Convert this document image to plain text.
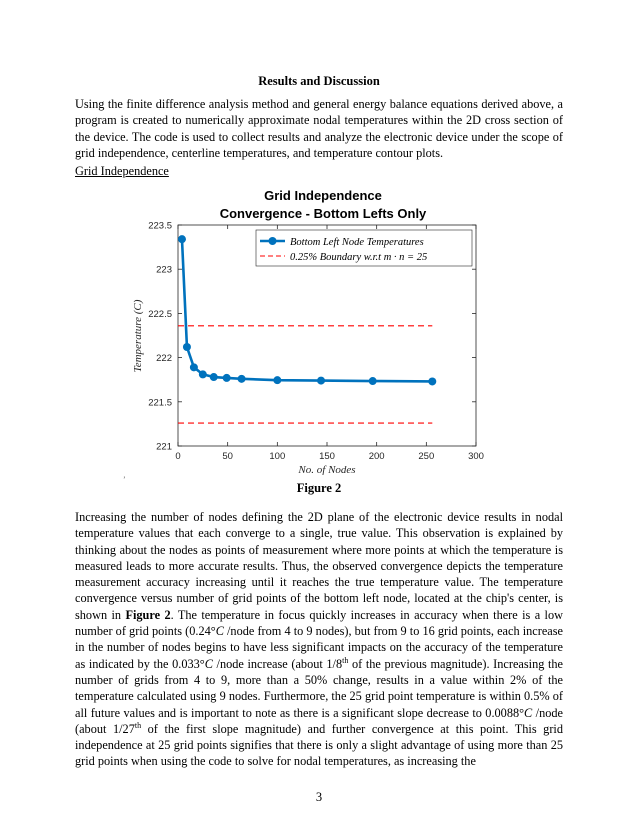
Results and Discussion

Using the finite difference analysis method and general energy balance equations derived above, a program is created to numerically approximate nodal temperatures within the 2D cross section of the device. The code is used to collect results and analyze the electronic device under the scope of grid independence, centerline temperatures, and temperature contour plots.

Grid Independence
Grid Independence
Convergence - Bottom Lefts Only
221
221.5
222
222.5
223
223.5
0	50	100	150	200	250	300
No. of Nodes
Temperature (C)
Bottom Left Node Temperatures
0.25% Boundary w.r.t m · n = 25
ʼ
Figure 2

Increasing the number of nodes defining the 2D plane of the electronic device results in nodal temperature values that each converge to a single, true value. This observation is explained by thinking about the nodes as points of measurement where more points at which the temperature is measured leads to more accurate results. Thus, the observed convergence depicts the temperature measurement accuracy increasing until it reaches the true temperature value. The temperature convergence versus number of grid points of the bottom left node, located at the chip's center, is shown in Figure 2. The temperature in focus quickly increases in accuracy when there is a low number of grid points (0.24°C /node from 4 to 9 nodes), but from 9 to 16 grid points, each increase in the number of nodes begins to have less significant impacts on the accuracy of the temperature as indicated by the 0.033°C /node increase (about 1/8th of the previous magnitude). Increasing the number of grids from 4 to 9, more than a 50% change, results in a value within 2% of the temperature calculated using 9 nodes. Furthermore, the 25 grid point temperature is within 0.5% of all future values and is important to note as there is a significant slope decrease to 0.0088°C /node (about 1/27th of the first slope magnitude) and further convergence at this point. This grid independence at 25 grid points signifies that there is only a slight advantage of using more than 25 grid points when using the code to solve for nodal temperatures, as increasing the

3
